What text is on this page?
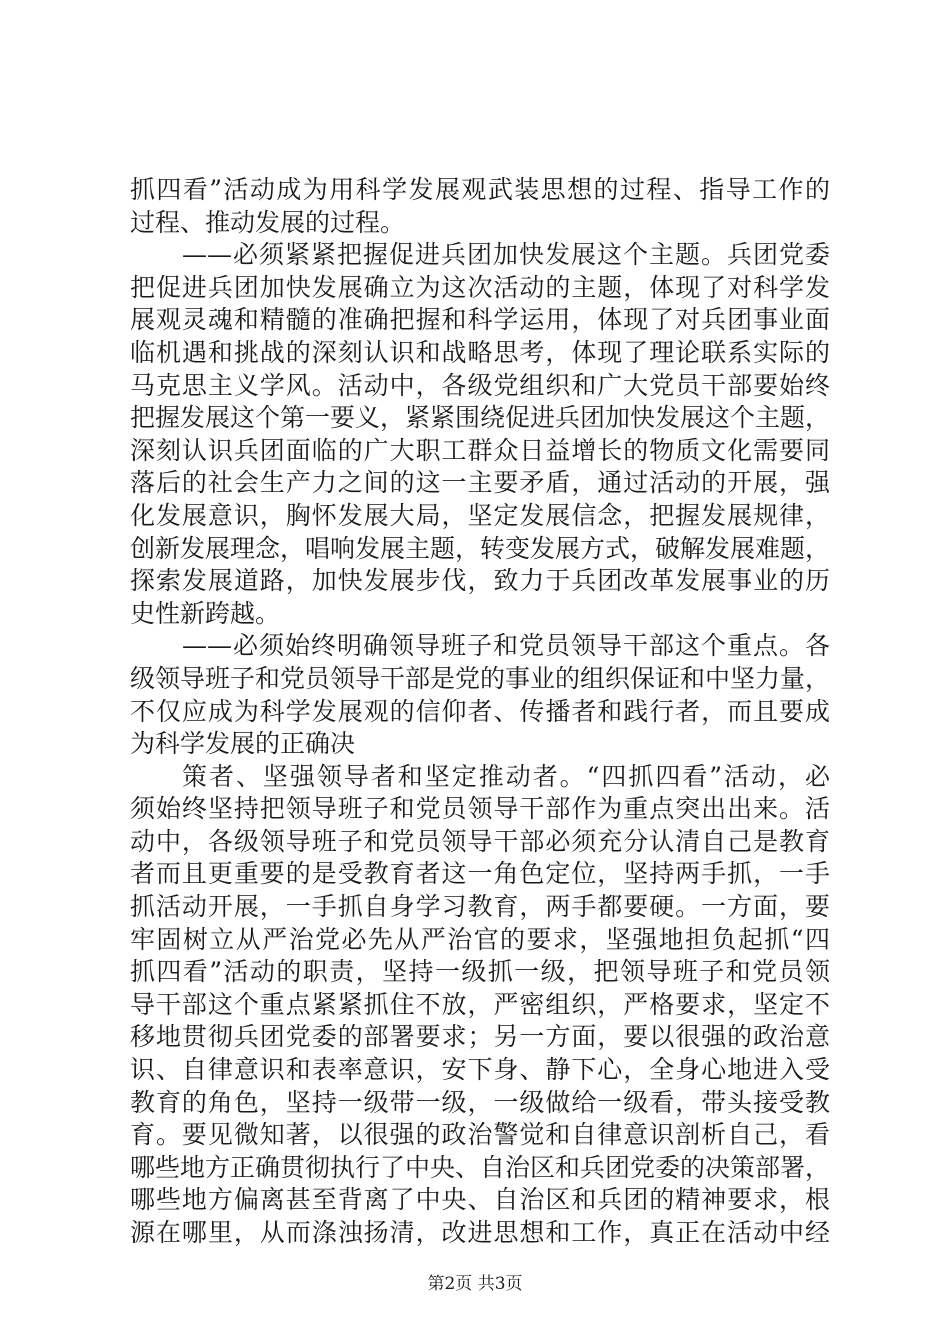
抓四看”活动成为用科学发展观武装思想的过程、指导工作的
过程、推动发展的过程。
——必须紧紧把握促进兵团加快发展这个主题。兵团党委
把促进兵团加快发展确立为这次活动的主题，体现了对科学发
展观灵魂和精髓的准确把握和科学运用，体现了对兵团事业面
临机遇和挑战的深刻认识和战略思考，体现了理论联系实际的
马克思主义学风。活动中，各级党组织和广大党员干部要始终
把握发展这个第一要义，紧紧围绕促进兵团加快发展这个主题，
深刻认识兵团面临的广大职工群众日益增长的物质文化需要同
落后的社会生产力之间的这一主要矛盾，通过活动的开展，强
化发展意识，胸怀发展大局，坚定发展信念，把握发展规律，
创新发展理念，唱响发展主题，转变发展方式，破解发展难题，
探索发展道路，加快发展步伐，致力于兵团改革发展事业的历
史性新跨越。
——必须始终明确领导班子和党员领导干部这个重点。各
级领导班子和党员领导干部是党的事业的组织保证和中坚力量，
不仅应成为科学发展观的信仰者、传播者和践行者，而且要成
为科学发展的正确决
策者、坚强领导者和坚定推动者。“四抓四看”活动，必
须始终坚持把领导班子和党员领导干部作为重点突出出来。活
动中，各级领导班子和党员领导干部必须充分认清自己是教育
者而且更重要的是受教育者这一角色定位，坚持两手抓，一手
抓活动开展，一手抓自身学习教育，两手都要硬。一方面，要
牢固树立从严治党必先从严治官的要求，坚强地担负起抓“四
抓四看”活动的职责，坚持一级抓一级，把领导班子和党员领
导干部这个重点紧紧抓住不放，严密组织，严格要求，坚定不
移地贯彻兵团党委的部署要求；另一方面，要以很强的政治意
识、自律意识和表率意识，安下身、静下心，全身心地进入受
教育的角色，坚持一级带一级，一级做给一级看，带头接受教
育。要见微知著，以很强的政治警觉和自律意识剖析自己，看
哪些地方正确贯彻执行了中央、自治区和兵团党委的决策部署，
哪些地方偏离甚至背离了中央、自治区和兵团的精神要求，根
源在哪里，从而涤浊扬清，改进思想和工作，真正在活动中经
第2页 共3页
